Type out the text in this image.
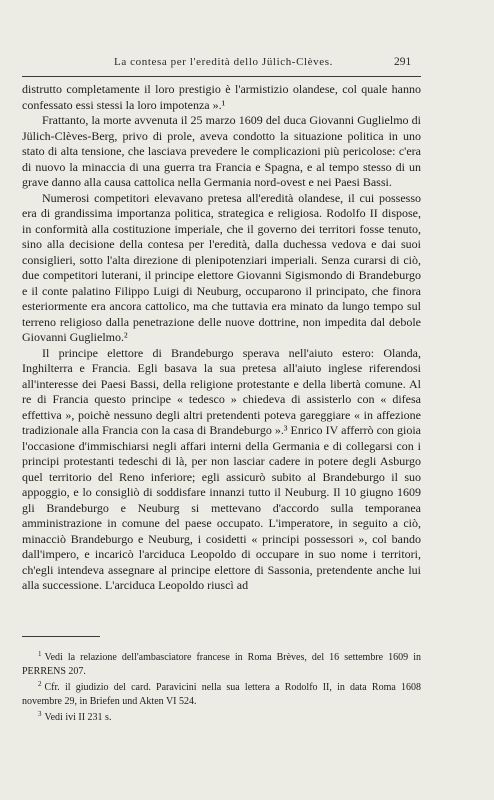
La contesa per l'eredità dello Jülich-Clèves.	291

distrutto completamente il loro prestigio è l'armistizio olandese, col quale hanno confessato essi stessi la loro impotenza ».¹

Frattanto, la morte avvenuta il 25 marzo 1609 del duca Giovanni Guglielmo di Jülich-Clèves-Berg, privo di prole, aveva condotto la situazione politica in uno stato di alta tensione, che lasciava prevedere le complicazioni più pericolose: c'era di nuovo la minaccia di una guerra tra Francia e Spagna, e al tempo stesso di un grave danno alla causa cattolica nella Germania nord-ovest e nei Paesi Bassi.

Numerosi competitori elevavano pretesa all'eredità olandese, il cui possesso era di grandissima importanza politica, strategica e religiosa. Rodolfo II dispose, in conformità alla costituzione imperiale, che il governo dei territori fosse tenuto, sino alla decisione della contesa per l'eredità, dalla duchessa vedova e dai suoi consiglieri, sotto l'alta direzione di plenipotenziari imperiali. Senza curarsi di ciò, due competitori luterani, il principe elettore Giovanni Sigismondo di Brandeburgo e il conte palatino Filippo Luigi di Neuburg, occuparono il principato, che finora esteriormente era ancora cattolico, ma che tuttavia era minato da lungo tempo sul terreno religioso dalla penetrazione delle nuove dottrine, non impedita dal debole Giovanni Guglielmo.²

Il principe elettore di Brandeburgo sperava nell'aiuto estero: Olanda, Inghilterra e Francia. Egli basava la sua pretesa all'aiuto inglese riferendosi all'interesse dei Paesi Bassi, della religione protestante e della libertà comune. Al re di Francia questo principe « tedesco » chiedeva di assisterlo con « difesa effettiva », poichè nessuno degli altri pretendenti poteva gareggiare « in affezione tradizionale alla Francia con la casa di Brandeburgo ».³ Enrico IV afferrò con gioia l'occasione d'immischiarsi negli affari interni della Germania e di collegarsi con i principi protestanti tedeschi di là, per non lasciar cadere in potere degli Asburgo quel territorio del Reno inferiore; egli assicurò subito al Brandeburgo il suo appoggio, e lo consigliò di soddisfare innanzi tutto il Neuburg. Il 10 giugno 1609 gli Brandeburgo e Neuburg si mettevano d'accordo sulla temporanea amministrazione in comune del paese occupato. L'imperatore, in seguito a ciò, minacciò Brandeburgo e Neuburg, i cosidetti « principi possessori », col bando dall'impero, e incaricò l'arciduca Leopoldo di occupare in suo nome i territori, ch'egli intendeva assegnare al principe elettore di Sassonia, pretendente anche lui alla successione. L'arciduca Leopoldo riuscì ad

$^1$ Vedi la relazione dell'ambasciatore francese in Roma Brèves, del 16 settembre 1609 in PERRENS 207.

$^2$ Cfr. il giudizio del card. Paravicini nella sua lettera a Rodolfo II, in data Roma 1608 novembre 29, in Briefen und Akten VI 524.

$^3$ Vedi ivi II 231 s.
